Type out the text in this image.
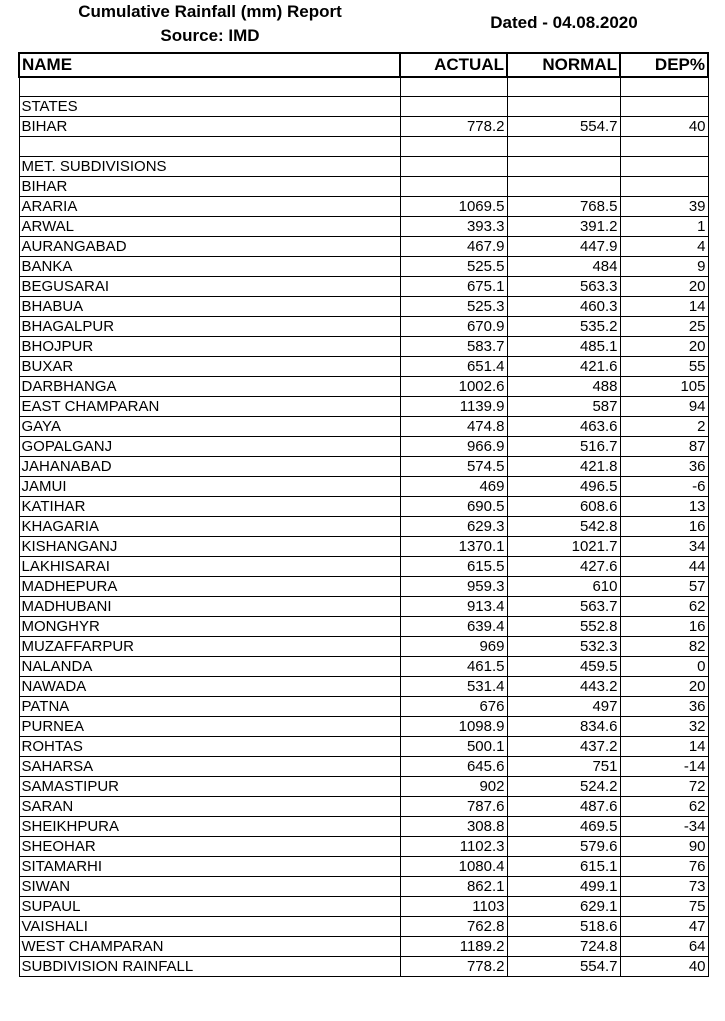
Cumulative Rainfall (mm) Report
Source: IMD
Dated - 04.08.2020
NAME	ACTUAL	NORMAL	DEP%

STATES			
BIHAR	778.2	554.7	40

MET. SUBDIVISIONS			
BIHAR			
ARARIA	1069.5	768.5	39
ARWAL	393.3	391.2	1
AURANGABAD	467.9	447.9	4
BANKA	525.5	484	9
BEGUSARAI	675.1	563.3	20
BHABUA	525.3	460.3	14
BHAGALPUR	670.9	535.2	25
BHOJPUR	583.7	485.1	20
BUXAR	651.4	421.6	55
DARBHANGA	1002.6	488	105
EAST CHAMPARAN	1139.9	587	94
GAYA	474.8	463.6	2
GOPALGANJ	966.9	516.7	87
JAHANABAD	574.5	421.8	36
JAMUI	469	496.5	-6
KATIHAR	690.5	608.6	13
KHAGARIA	629.3	542.8	16
KISHANGANJ	1370.1	1021.7	34
LAKHISARAI	615.5	427.6	44
MADHEPURA	959.3	610	57
MADHUBANI	913.4	563.7	62
MONGHYR	639.4	552.8	16
MUZAFFARPUR	969	532.3	82
NALANDA	461.5	459.5	0
NAWADA	531.4	443.2	20
PATNA	676	497	36
PURNEA	1098.9	834.6	32
ROHTAS	500.1	437.2	14
SAHARSA	645.6	751	-14
SAMASTIPUR	902	524.2	72
SARAN	787.6	487.6	62
SHEIKHPURA	308.8	469.5	-34
SHEOHAR	1102.3	579.6	90
SITAMARHI	1080.4	615.1	76
SIWAN	862.1	499.1	73
SUPAUL	1103	629.1	75
VAISHALI	762.8	518.6	47
WEST CHAMPARAN	1189.2	724.8	64
SUBDIVISION RAINFALL	778.2	554.7	40
